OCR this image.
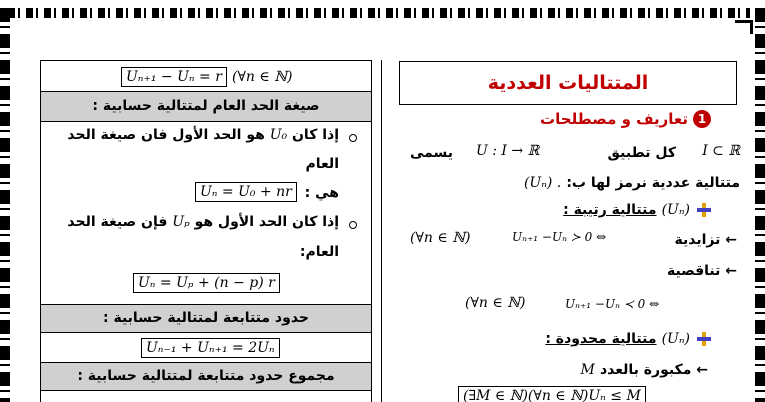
Uₙ₊₁ − Uₙ = r (∀n ∈ ℕ)
صيغة الحد العام لمتتالية حسابية :
إذا كان U₀ هو الحد الأول فان صيغة الحد
العام
هي :
Uₙ = U₀ + nr
إذا كان الحد الأول هو Uₚ فإن صيغة الحد
العام:
Uₙ = Uₚ + (n − p) r
حدود متتابعة لمتتالية حسابية :
Uₙ₋₁ + Uₙ₊₁ = 2Uₙ
مجموع حدود متتابعة لمتتالية حسابية :
المتتاليات العددية
1
تعاريف و مصطلحات
I ⊂ ℝ
كل تطبيق
U : I → ℝ
يسمى
متتالية عددية نرمز لها ب: (Uₙ) .
(Uₙ) متتالية رتيبة :
(∀n ∈ ℕ)	Uₙ₊₁ −Uₙ ≻ 0 ⇔	← تزايدية
← تناقصية
(∀n ∈ ℕ)	Uₙ₊₁ −Uₙ ≺ 0 ⇔
(Uₙ) متتالية محدودة :
← مكبورة بالعدد M
(∃M ∈ ℕ)(∀n ∈ ℕ)Uₙ ≤ M
